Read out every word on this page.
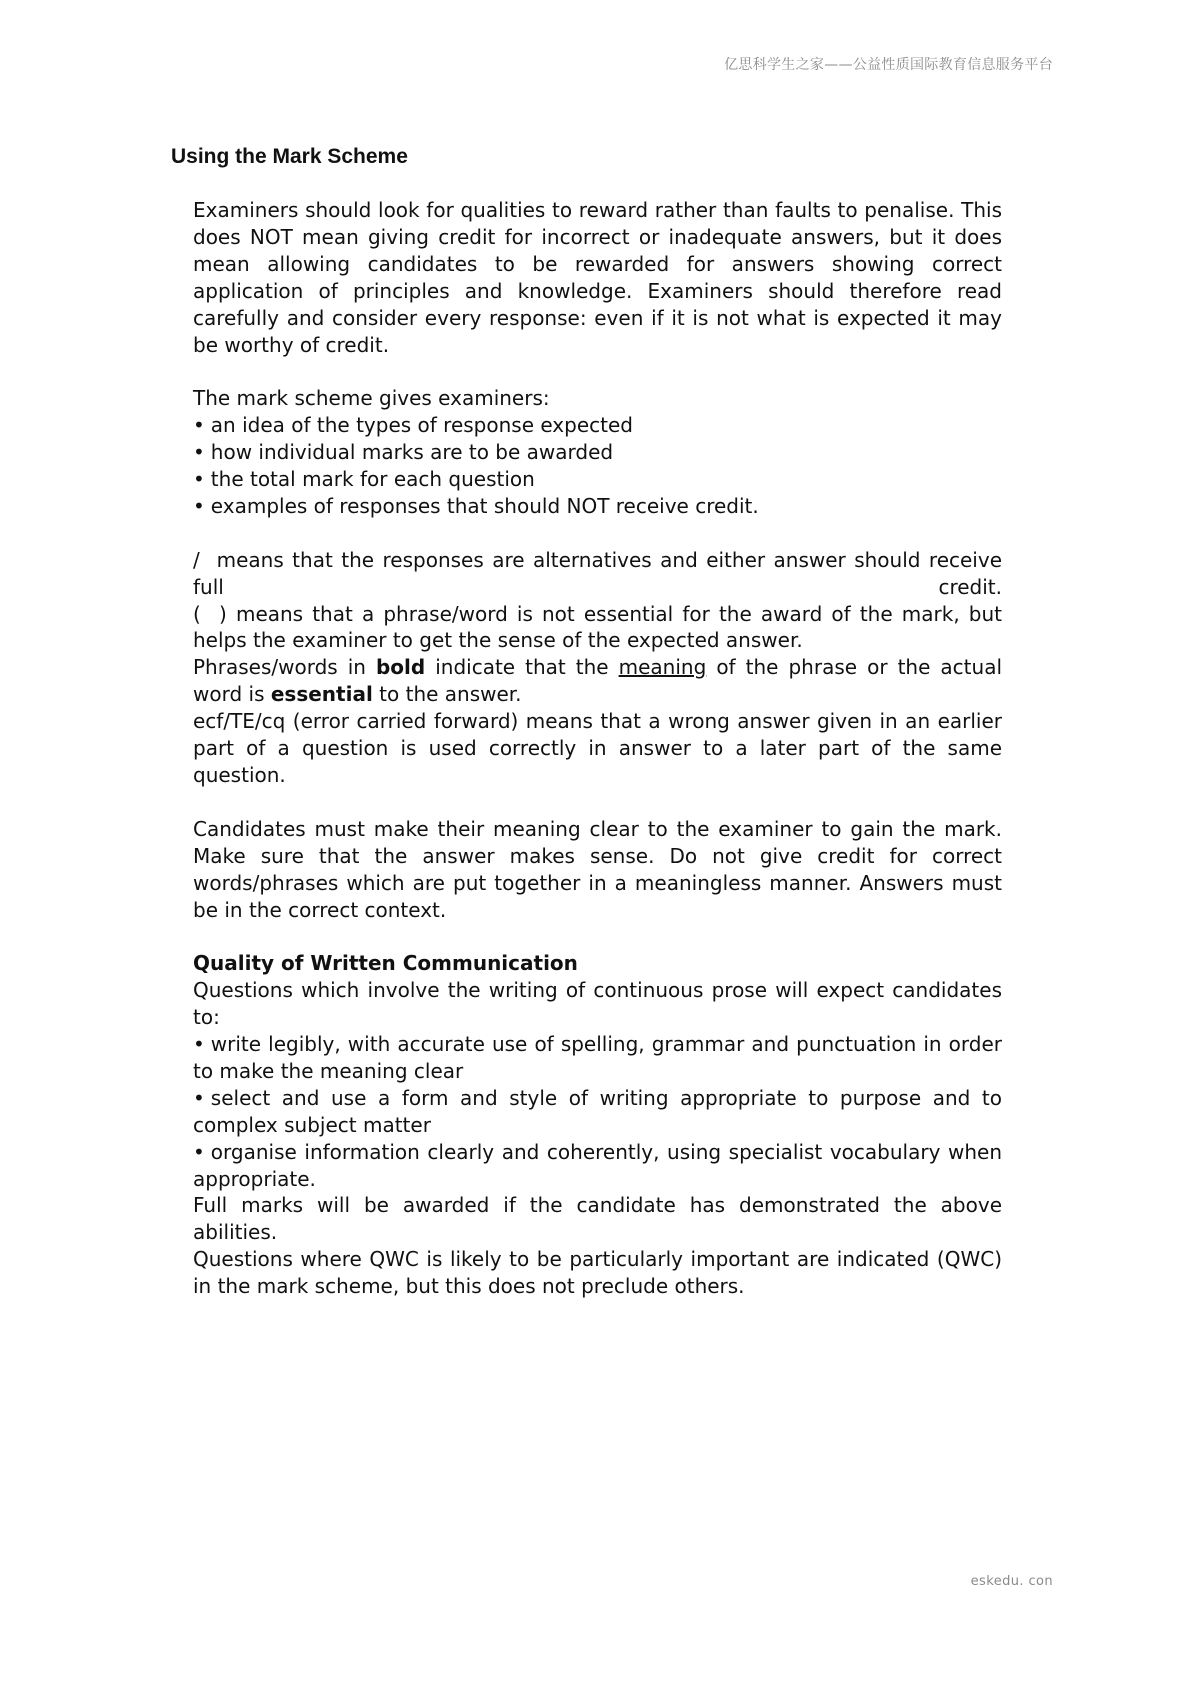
亿思科学生之家——公益性质国际教育信息服务平台
Using the Mark Scheme

Examiners should look for qualities to reward rather than faults to penalise. This does NOT mean giving credit for incorrect or inadequate answers, but it does mean allowing candidates to be rewarded for answers showing correct application of principles and knowledge. Examiners should therefore read carefully and consider every response: even if it is not what is expected it may be worthy of credit.

The mark scheme gives examiners:

• an idea of the types of response expected

• how individual marks are to be awarded

• the total mark for each question

• examples of responses that should NOT receive credit.

/  means that the responses are alternatives and either answer should receive full credit.

(  ) means that a phrase/word is not essential for the award of the mark, but helps the examiner to get the sense of the expected answer.

Phrases/words in bold indicate that the meaning of the phrase or the actual word is essential to the answer.

ecf/TE/cq (error carried forward) means that a wrong answer given in an earlier part of a question is used correctly in answer to a later part of the same question.

Candidates must make their meaning clear to the examiner to gain the mark. Make sure that the answer makes sense. Do not give credit for correct words/phrases which are put together in a meaningless manner. Answers must be in the correct context.

Quality of Written Communication

Questions which involve the writing of continuous prose will expect candidates to:

• write legibly, with accurate use of spelling, grammar and punctuation in order to make the meaning clear

• select and use a form and style of writing appropriate to purpose and to complex subject matter

• organise information clearly and coherently, using specialist vocabulary when appropriate.

Full marks will be awarded if the candidate has demonstrated the above abilities.

Questions where QWC is likely to be particularly important are indicated (QWC) in the mark scheme, but this does not preclude others.

eskedu. con
